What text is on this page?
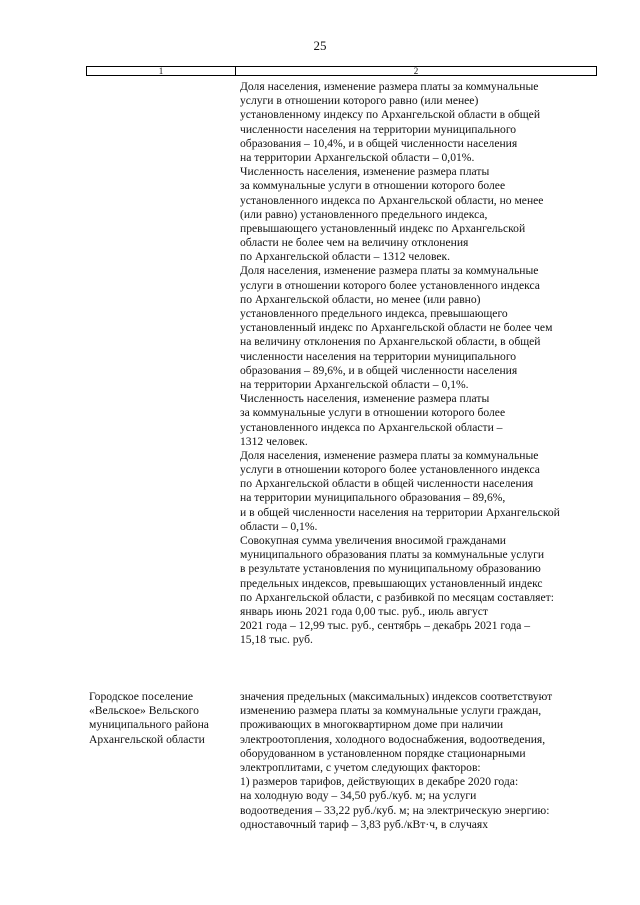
25
1	2
Доля населения, изменение размера платы за коммунальные
услуги в отношении которого равно (или менее)
установленному индексу по Архангельской области в общей
численности населения на территории муниципального
образования – 10,4%, и в общей численности населения
на территории Архангельской области – 0,01%.
Численность населения, изменение размера платы
за коммунальные услуги в отношении которого более
установленного индекса по Архангельской области, но менее
(или равно) установленного предельного индекса,
превышающего установленный индекс по Архангельской
области не более чем на величину отклонения
по Архангельской области – 1312 человек.
Доля населения, изменение размера платы за коммунальные
услуги в отношении которого более установленного индекса
по Архангельской области, но менее (или равно)
установленного предельного индекса, превышающего
установленный индекс по Архангельской области не более чем
на величину отклонения по Архангельской области, в общей
численности населения на территории муниципального
образования – 89,6%, и в общей численности населения
на территории Архангельской области – 0,1%.
Численность населения, изменение размера платы
за коммунальные услуги в отношении которого более
установленного индекса по Архангельской области –
1312 человек.
Доля населения, изменение размера платы за коммунальные
услуги в отношении которого более установленного индекса
по Архангельской области в общей численности населения
на территории муниципального образования – 89,6%,
и в общей численности населения на территории Архангельской
области – 0,1%.
Совокупная сумма увеличения вносимой гражданами
муниципального образования платы за коммунальные услуги
в результате установления по муниципальному образованию
предельных индексов, превышающих установленный индекс
по Архангельской области, с разбивкой по месяцам составляет:
январь июнь 2021 года 0,00 тыс. руб., июль август
2021 года – 12,99 тыс. руб., сентябрь – декабрь 2021 года –
15,18 тыс. руб.
Городское поселение
«Вельское» Вельского
муниципального района
Архангельской области
значения предельных (максимальных) индексов соответствуют
изменению размера платы за коммунальные услуги граждан,
проживающих в многоквартирном доме при наличии
электроотопления, холодного водоснабжения, водоотведения,
оборудованном в установленном порядке стационарными
электроплитами, с учетом следующих факторов:
1) размеров тарифов, действующих в декабре 2020 года:
на холодную воду – 34,50 руб./куб. м; на услуги
водоотведения – 33,22 руб./куб. м; на электрическую энергию:
одноставочный тариф – 3,83 руб./кВт·ч, в случаях
